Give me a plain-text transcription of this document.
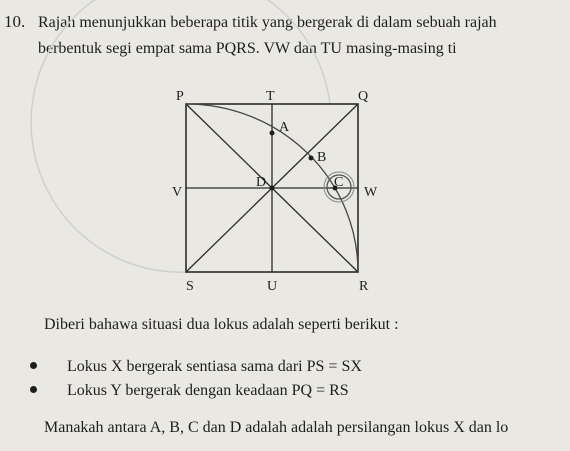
10. Rajah menunjukkan beberapa titik yang bergerak di dalam sebuah rajah
berbentuk segi empat sama PQRS. VW dan TU masing-masing ti
P	T	Q
V	W
S	U	R
A
B
C
D
Diberi bahawa situasi dua lokus adalah seperti berikut :
Lokus X bergerak sentiasa sama dari PS = SX
Lokus Y bergerak dengan keadaan PQ = RS
Manakah antara A, B, C dan D adalah adalah persilangan lokus X dan lo
